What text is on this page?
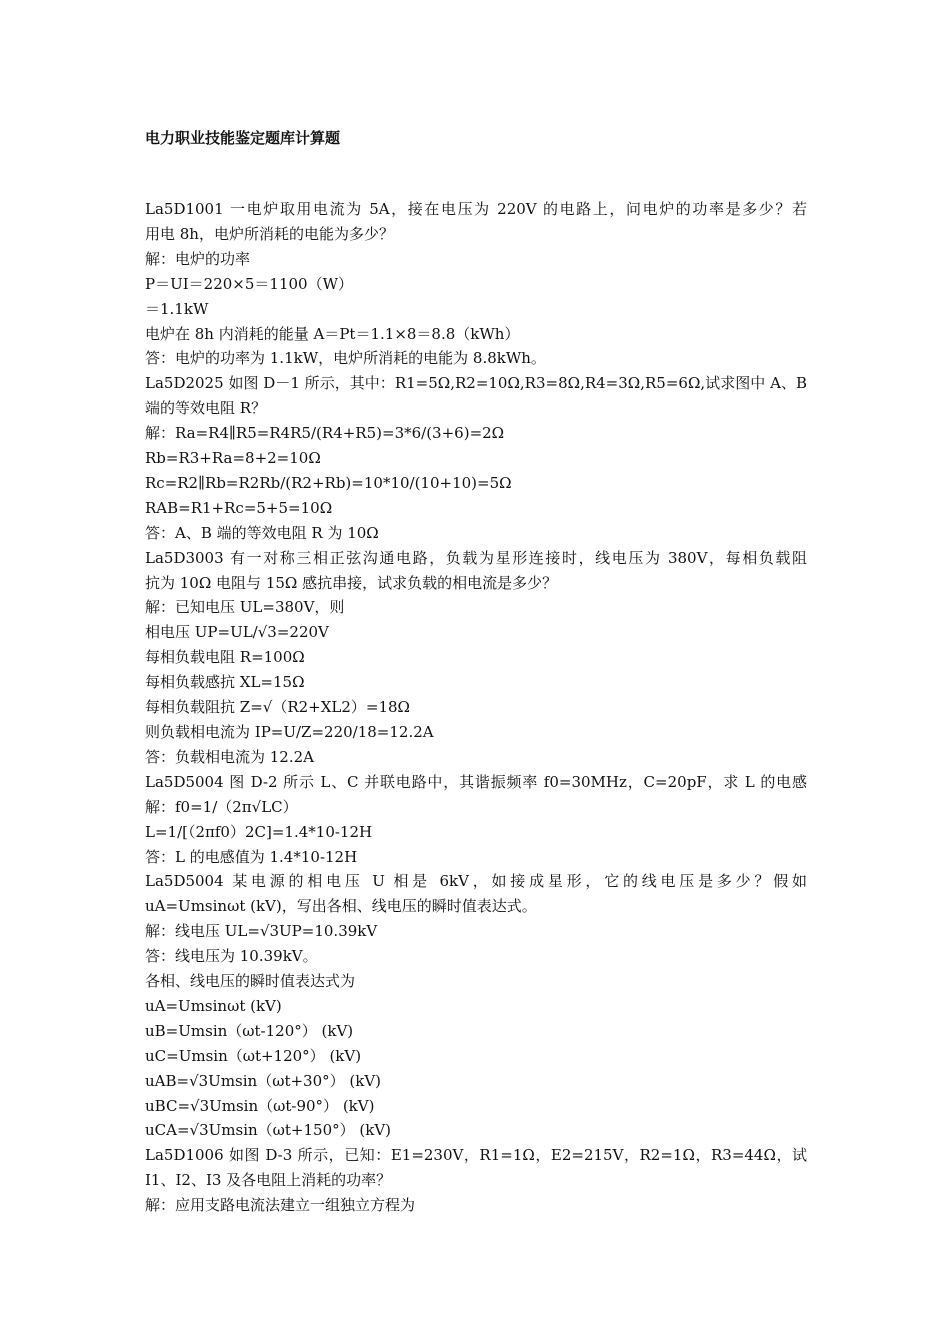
电力职业技能鉴定题库计算题
La5D1001 一电炉取用电流为 5A，接在电压为 220V 的电路上，问电炉的功率是多少？若
用电 8h，电炉所消耗的电能为多少？
解：电炉的功率
P＝UI＝220×5＝1100（W）
＝1.1kW
电炉在 8h 内消耗的能量 A＝Pt＝1.1×8＝8.8（kWh）
答：电炉的功率为 1.1kW，电炉所消耗的电能为 8.8kWh。
La5D2025 如图 D－1 所示，其中：R1=5Ω,R2=10Ω,R3=8Ω,R4=3Ω,R5=6Ω,试求图中 A、B
端的等效电阻 R？
解：Ra=R4∥R5=R4R5/(R4+R5)=3*6/(3+6)=2Ω
Rb=R3+Ra=8+2=10Ω
Rc=R2∥Rb=R2Rb/(R2+Rb)=10*10/(10+10)=5Ω
RAB=R1+Rc=5+5=10Ω
答：A、B 端的等效电阻 R 为 10Ω
La5D3003 有一对称三相正弦沟通电路，负载为星形连接时，线电压为 380V，每相负载阻
抗为 10Ω 电阻与 15Ω 感抗串接，试求负载的相电流是多少？
解：已知电压 UL=380V，则
相电压 UP=UL/√3=220V
每相负载电阻 R=100Ω
每相负载感抗 XL=15Ω
每相负载阻抗 Z=√（R2+XL2）=18Ω
则负载相电流为 IP=U/Z=220/18=12.2A
答：负载相电流为 12.2A
La5D5004 图 D-2 所示 L、C 并联电路中，其谐振频率 f0=30MHz，C=20pF，求 L 的电感
解：f0=1/（2π√LC）
L=1/[（2πf0）2C]=1.4*10-12H
答：L 的电感值为 1.4*10-12H
La5D5004 某电源的相电压 U 相是 6kV，如接成星形，它的线电压是多少？假如
uA=Umsinωt (kV)，写出各相、线电压的瞬时值表达式。
解：线电压 UL=√3UP=10.39kV
答：线电压为 10.39kV。
各相、线电压的瞬时值表达式为
uA=Umsinωt (kV)
uB=Umsin（ωt-120°） (kV)
uC=Umsin（ωt+120°） (kV)
uAB=√3Umsin（ωt+30°） (kV)
uBC=√3Umsin（ωt-90°） (kV)
uCA=√3Umsin（ωt+150°） (kV)
La5D1006 如图 D-3 所示，已知：E1=230V，R1=1Ω，E2=215V，R2=1Ω，R3=44Ω，试
I1、I2、I3 及各电阻上消耗的功率？
解：应用支路电流法建立一组独立方程为
